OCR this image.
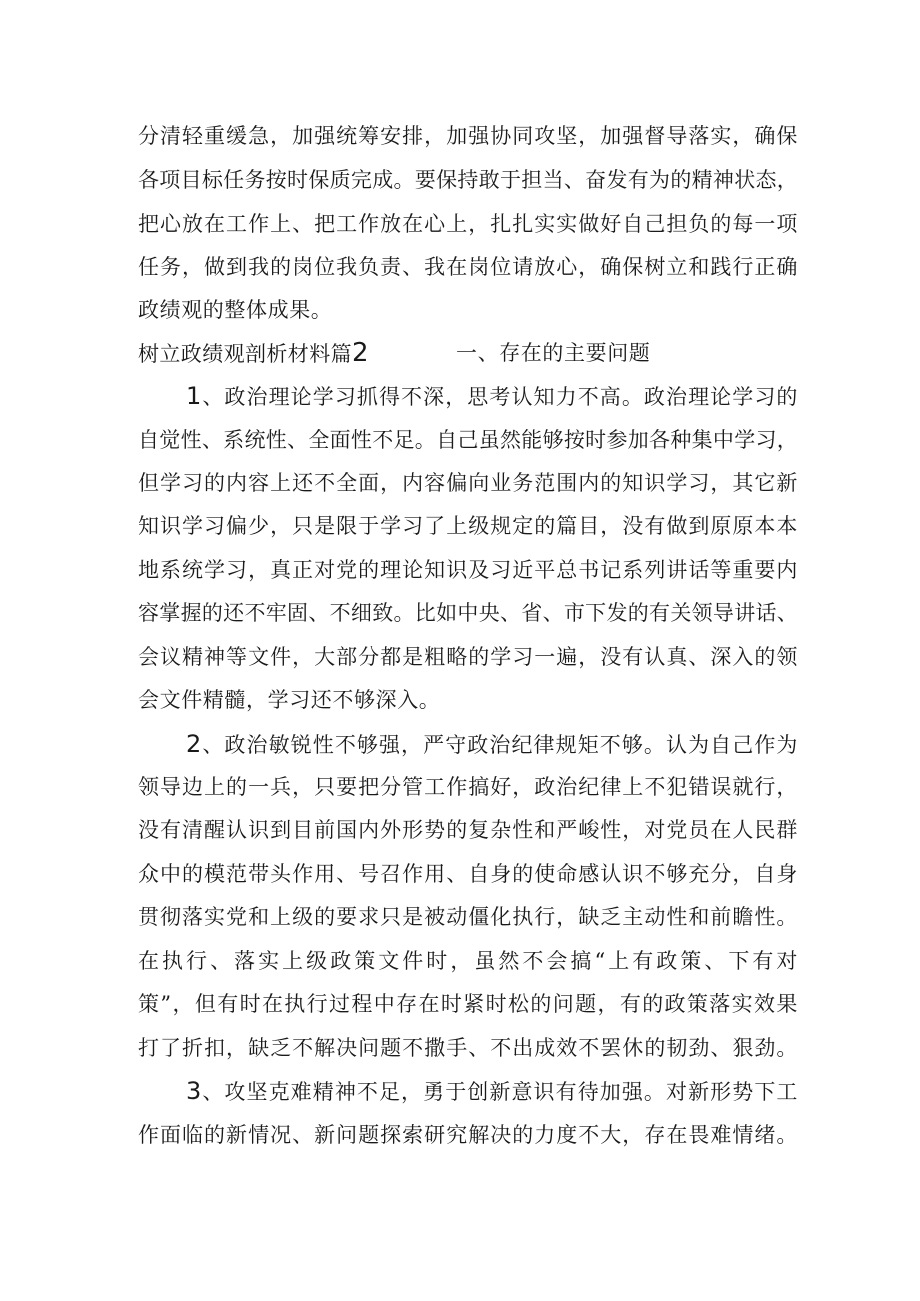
分清轻重缓急，加强统筹安排，加强协同攻坚，加强督导落实，确保
各项目标任务按时保质完成。要保持敢于担当、奋发有为的精神状态，
把心放在工作上、把工作放在心上，扎扎实实做好自己担负的每一项
任务，做到我的岗位我负责、我在岗位请放心，确保树立和践行正确
政绩观的整体成果。
树立政绩观剖析材料篇2	一、存在的主要问题
1、政治理论学习抓得不深，思考认知力不高。政治理论学习的
自觉性、系统性、全面性不足。自己虽然能够按时参加各种集中学习，
但学习的内容上还不全面，内容偏向业务范围内的知识学习，其它新
知识学习偏少，只是限于学习了上级规定的篇目，没有做到原原本本
地系统学习，真正对党的理论知识及习近平总书记系列讲话等重要内
容掌握的还不牢固、不细致。比如中央、省、市下发的有关领导讲话、
会议精神等文件，大部分都是粗略的学习一遍，没有认真、深入的领
会文件精髓，学习还不够深入。
2、政治敏锐性不够强，严守政治纪律规矩不够。认为自己作为
领导边上的一兵，只要把分管工作搞好，政治纪律上不犯错误就行，
没有清醒认识到目前国内外形势的复杂性和严峻性，对党员在人民群
众中的模范带头作用、号召作用、自身的使命感认识不够充分，自身
贯彻落实党和上级的要求只是被动僵化执行，缺乏主动性和前瞻性。
在执行、落实上级政策文件时，虽然不会搞“上有政策、下有对
策”，但有时在执行过程中存在时紧时松的问题，有的政策落实效果
打了折扣，缺乏不解决问题不撒手、不出成效不罢休的韧劲、狠劲。
3、攻坚克难精神不足，勇于创新意识有待加强。对新形势下工
作面临的新情况、新问题探索研究解决的力度不大，存在畏难情绪。
